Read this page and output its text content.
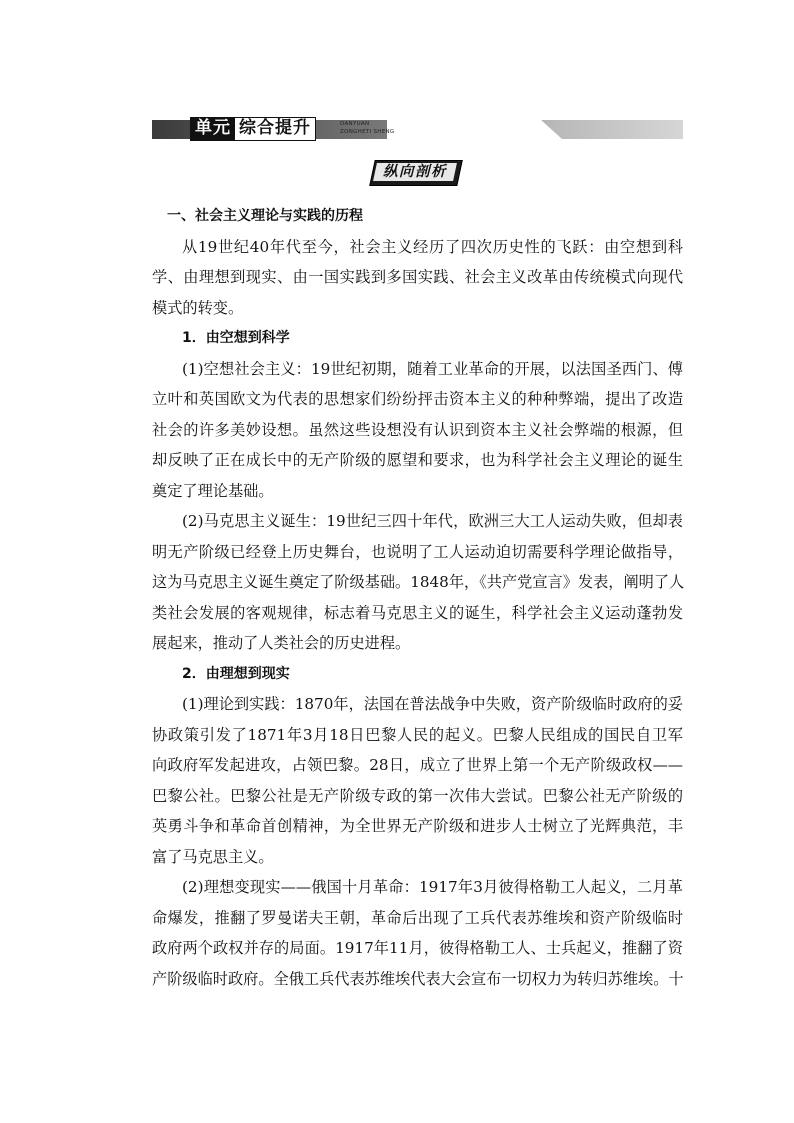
单元 综合提升	DANYUAN
ZONGHETI SHENG
纵向剖析
一、社会主义理论与实践的历程
从19世纪40年代至今，社会主义经历了四次历史性的飞跃：由空想到科
学、由理想到现实、由一国实践到多国实践、社会主义改革由传统模式向现代
模式的转变。
1．由空想到科学
(1)空想社会主义：19世纪初期，随着工业革命的开展，以法国圣西门、傅
立叶和英国欧文为代表的思想家们纷纷抨击资本主义的种种弊端，提出了改造
社会的许多美妙设想。虽然这些设想没有认识到资本主义社会弊端的根源，但
却反映了正在成长中的无产阶级的愿望和要求，也为科学社会主义理论的诞生
奠定了理论基础。
(2)马克思主义诞生：19世纪三四十年代，欧洲三大工人运动失败，但却表
明无产阶级已经登上历史舞台，也说明了工人运动迫切需要科学理论做指导，
这为马克思主义诞生奠定了阶级基础。1848年，《共产党宣言》发表，阐明了人
类社会发展的客观规律，标志着马克思主义的诞生，科学社会主义运动蓬勃发
展起来，推动了人类社会的历史进程。
2．由理想到现实
(1)理论到实践：1870年，法国在普法战争中失败，资产阶级临时政府的妥
协政策引发了1871年3月18日巴黎人民的起义。巴黎人民组成的国民自卫军
向政府军发起进攻，占领巴黎。28日，成立了世界上第一个无产阶级政权——
巴黎公社。巴黎公社是无产阶级专政的第一次伟大尝试。巴黎公社无产阶级的
英勇斗争和革命首创精神，为全世界无产阶级和进步人士树立了光辉典范，丰
富了马克思主义。
(2)理想变现实——俄国十月革命：1917年3月彼得格勒工人起义，二月革
命爆发，推翻了罗曼诺夫王朝，革命后出现了工兵代表苏维埃和资产阶级临时
政府两个政权并存的局面。1917年11月，彼得格勒工人、士兵起义，推翻了资
产阶级临时政府。全俄工兵代表苏维埃代表大会宣布一切权力为转归苏维埃。十
